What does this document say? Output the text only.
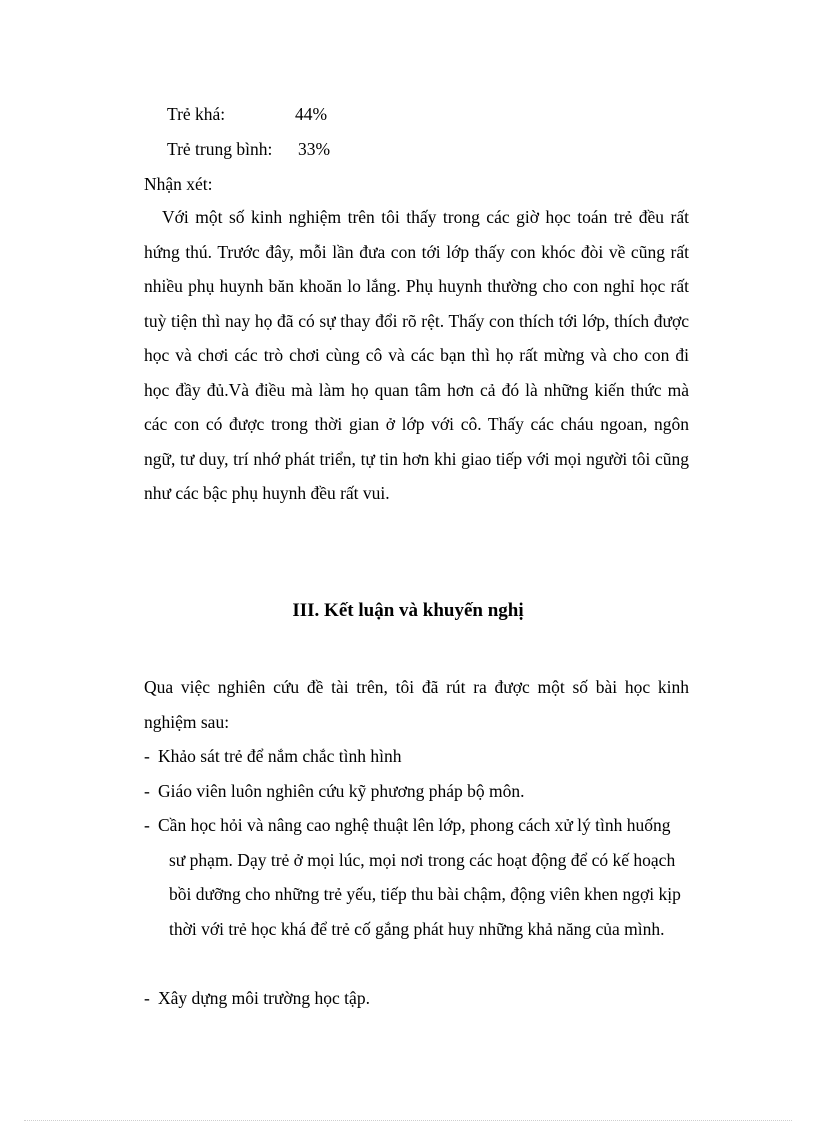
Trẻ khá:	44%
Trẻ trung bình: 33%
Nhận xét:
Với một số kinh nghiệm trên tôi thấy trong các giờ học toán trẻ đều rất hứng thú. Trước đây, mỗi lần đưa con tới lớp thấy con khóc đòi về cũng rất nhiều phụ huynh băn khoăn lo lắng. Phụ huynh thường cho con nghỉ học rất tuỳ tiện thì nay họ đã có sự thay đổi rõ rệt. Thấy con thích tới lớp, thích được học và chơi các trò chơi cùng cô và các bạn thì họ rất mừng và cho con đi học đầy đủ.Và điều mà làm họ quan tâm hơn cả đó là những kiến thức mà các con có được trong thời gian ở lớp với cô. Thấy các cháu ngoan, ngôn ngữ, tư duy, trí nhớ phát triển, tự tin hơn khi giao tiếp với mọi người tôi cũng như các bậc phụ huynh đều rất vui.
III. Kết luận và khuyến nghị
Qua việc nghiên cứu đề tài trên, tôi đã rút ra được một số bài học kinh nghiệm sau:
- Khảo sát trẻ để nắm chắc tình hình
- Giáo viên luôn nghiên cứu kỹ phương pháp bộ môn.
- Cần học hỏi và nâng cao nghệ thuật lên lớp, phong cách xử lý tình huống sư phạm. Dạy trẻ ở mọi lúc, mọi nơi trong các hoạt động để có kế hoạch bồi dưỡng cho những trẻ yếu, tiếp thu bài chậm, động viên khen ngợi kịp thời với trẻ học khá để trẻ cố gắng phát huy những khả năng của mình.
- Xây dựng môi trường học tập.
